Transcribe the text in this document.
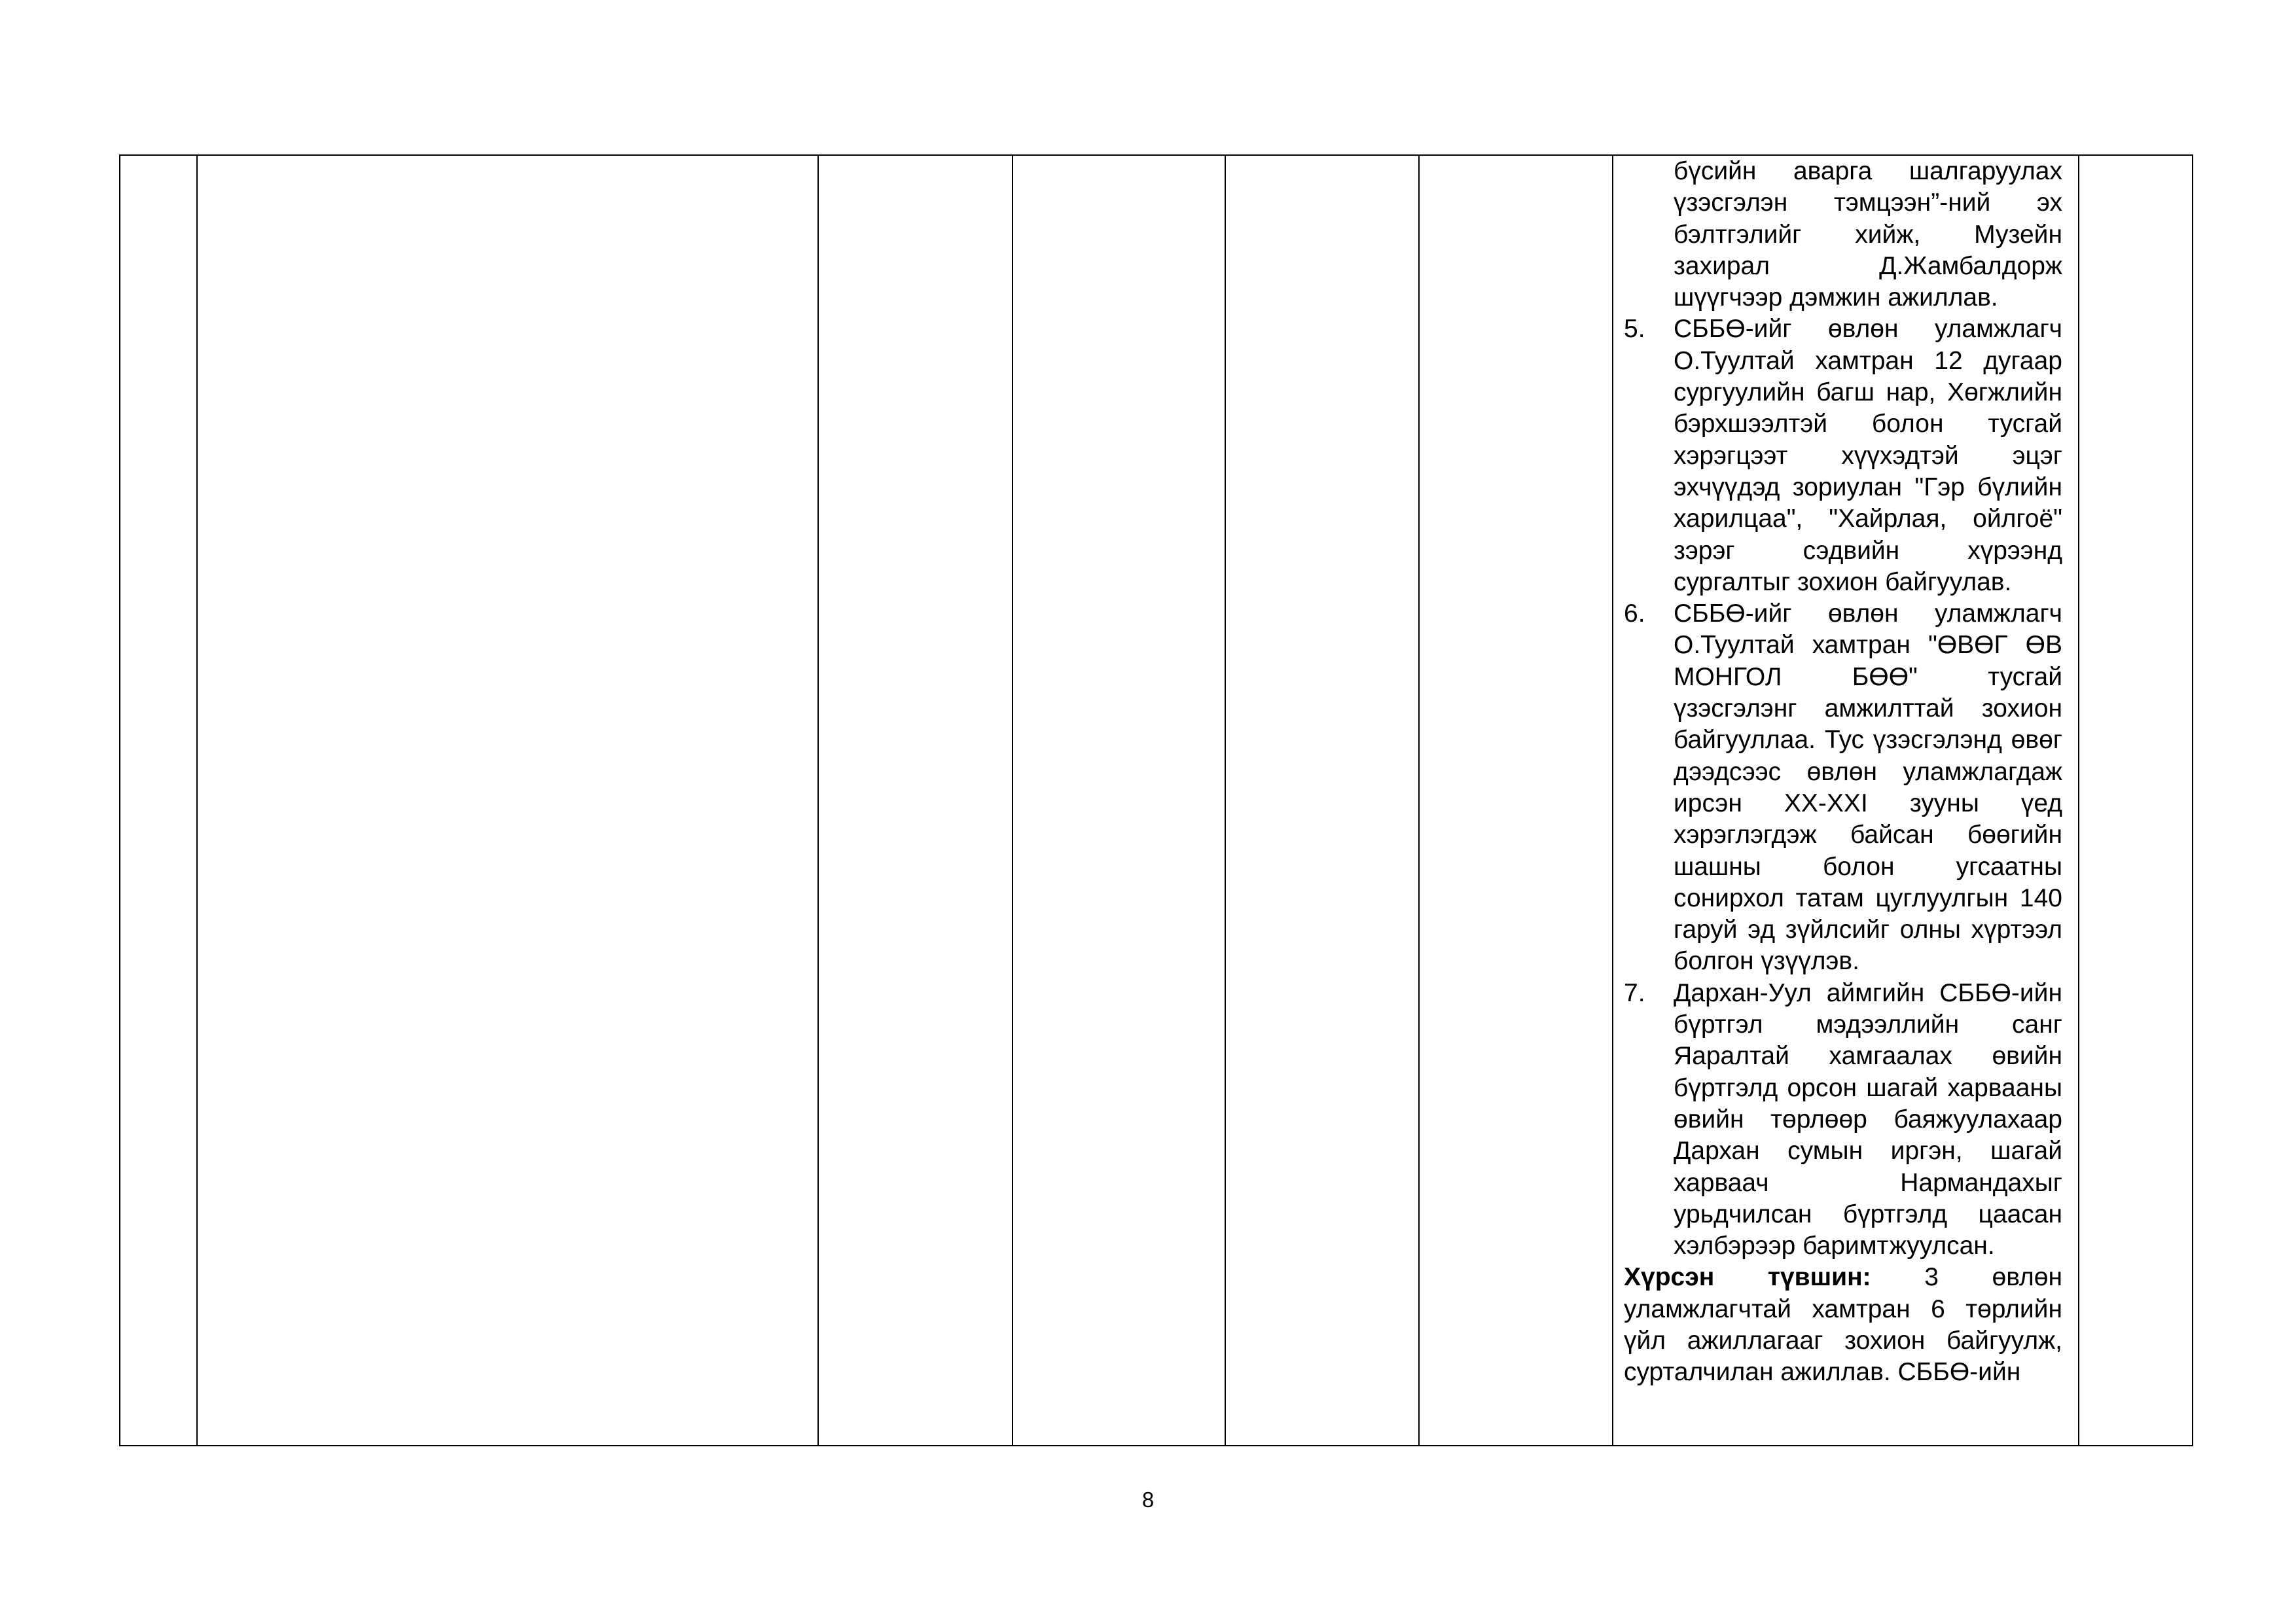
бүсийн аварга шалгаруулах үзэсгэлэн тэмцээн”-ний эх бэлтгэлийг хийж, Музейн захирал Д.Жамбалдорж шүүгчээр дэмжин ажиллав.
5. СББӨ-ийг өвлөн уламжлагч О.Туултай хамтран 12 дугаар сургуулийн багш нар, Хөгжлийн бэрхшээлтэй болон тусгай хэрэгцээт хүүхэдтэй эцэг эхчүүдэд зориулан "Гэр бүлийн харилцаа", "Хайрлая, ойлгоё" зэрэг сэдвийн хүрээнд сургалтыг зохион байгуулав.
6. СББӨ-ийг өвлөн уламжлагч О.Туултай хамтран "ӨВӨГ ӨВ МОНГОЛ БӨӨ" тусгай үзэсгэлэнг амжилттай зохион байгууллаа. Тус үзэсгэлэнд өвөг дээдсээс өвлөн уламжлагдаж ирсэн XX-XXI зууны үед хэрэглэгдэж байсан бөөгийн шашны болон угсаатны сонирхол татам цуглуулгын 140 гаруй эд зүйлсийг олны хүртээл болгон үзүүлэв.
7. Дархан-Уул аймгийн СББӨ-ийн бүртгэл мэдээллийн санг Яаралтай хамгаалах өвийн бүртгэлд орсон шагай харвааны өвийн төрлөөр баяжуулахаар Дархан сумын иргэн, шагай харваач Нармандахыг урьдчилсан бүртгэлд цаасан хэлбэрээр баримтжуулсан.

Хүрсэн түвшин: 3 өвлөн уламжлагчтай хамтран 6 төрлийн үйл ажиллагааг зохион байгуулж, сурталчилан ажиллав. СББӨ-ийн

8
